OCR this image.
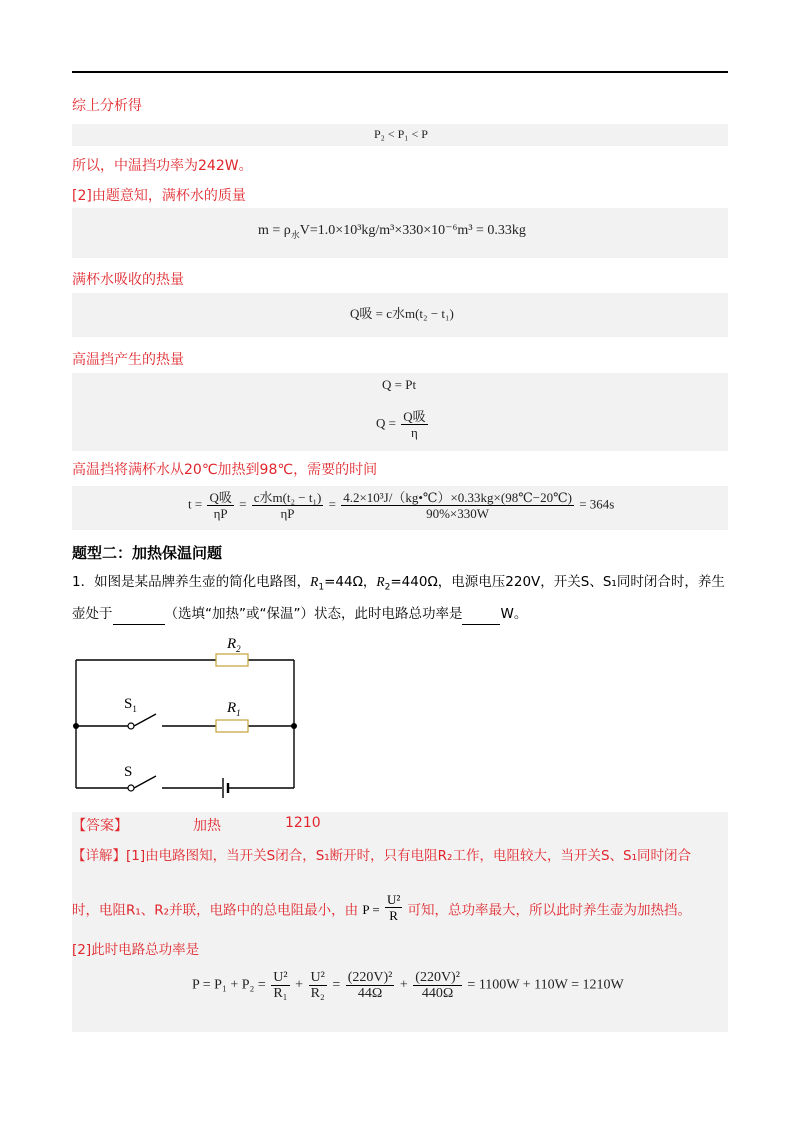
综上分析得
P₂ < P₁ < P
所以，中温挡功率为242W。
[2]由题意知，满杯水的质量
$m = \rho_水V=1.0\times 10^3kg/m^3\times 330\times 10^{-6}m^3 = 0.33kg$
满杯水吸收的热量
Q吸 = c水m(t₂ − t₁)
高温挡产生的热量
Q = Pt
$Q = \frac{\text{Q吸}}{\eta}$
高温挡将满杯水从20℃加热到98℃，需要的时间
$t = \frac{\text{Q吸}}{\eta P} = \frac{\text{c水m(t₂ − t₁)}}{\eta P} = \frac{\text{4.2×10³J/（kg•℃）×0.33kg×(98℃−20℃)}}{90\%\times 330W} = 364s$
题型二：加热保温问题
1．如图是某品牌养生壶的简化电路图，$R_1=44\Omega$，$R_2=440\Omega$，电源电压220V，开关S、S₁同时闭合时，养生
壶处于	（选填“加热”或“保温”）状态，此时电路总功率是	W。
$R_2$
$R_1$
$S_1$
S
【答案】	加热	1210
【详解】[1]由电路图知，当开关S闭合，S₁断开时，只有电阻R₂工作，电阻较大，当开关S、S₁同时闭合
时，电阻R₁、R₂并联，电路中的总电阻最小，由 $P = \frac{\text{U²}}{R}$ 可知，总功率最大，所以此时养生壶为加热挡。
[2]此时电路总功率是
$P = P_1 + P_2 = \frac{\text{U²}}{\text{R₁}} + \frac{\text{U²}}{\text{R₂}} = \frac{\text{(220V)²}}{44\Omega} + \frac{\text{(220V)²}}{440\Omega} = 1100W + 110W = 1210W$
